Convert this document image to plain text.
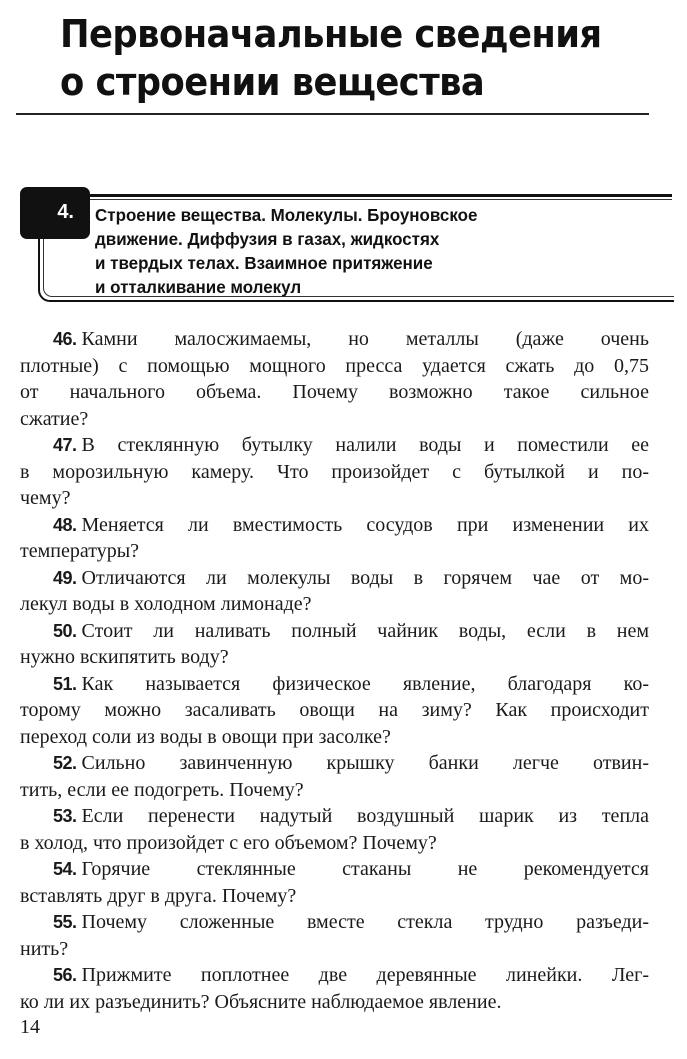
Первоначальные сведения
о строении вещества
4.	Строение вещества. Молекулы. Броуновское
движение. Диффузия в газах, жидкостях
и твердых телах. Взаимное притяжение
и отталкивание молекул
46. Камни малосжимаемы, но металлы (даже очень
плотные) с помощью мощного пресса удается сжать до 0,75
от начального объема. Почему возможно такое сильное
сжатие?
47. В стеклянную бутылку налили воды и поместили ее
в морозильную камеру. Что произойдет с бутылкой и по-
чему?
48. Меняется ли вместимость сосудов при изменении их
температуры?
49. Отличаются ли молекулы воды в горячем чае от мо-
лекул воды в холодном лимонаде?
50. Стоит ли наливать полный чайник воды, если в нем
нужно вскипятить воду?
51. Как называется физическое явление, благодаря ко-
торому можно засаливать овощи на зиму? Как происходит
переход соли из воды в овощи при засолке?
52. Сильно завинченную крышку банки легче отвин-
тить, если ее подогреть. Почему?
53. Если перенести надутый воздушный шарик из тепла
в холод, что произойдет с его объемом? Почему?
54. Горячие стеклянные стаканы не рекомендуется
вставлять друг в друга. Почему?
55. Почему сложенные вместе стекла трудно разъеди-
нить?
56. Прижмите поплотнее две деревянные линейки. Лег-
ко ли их разъединить? Объясните наблюдаемое явление.
14
